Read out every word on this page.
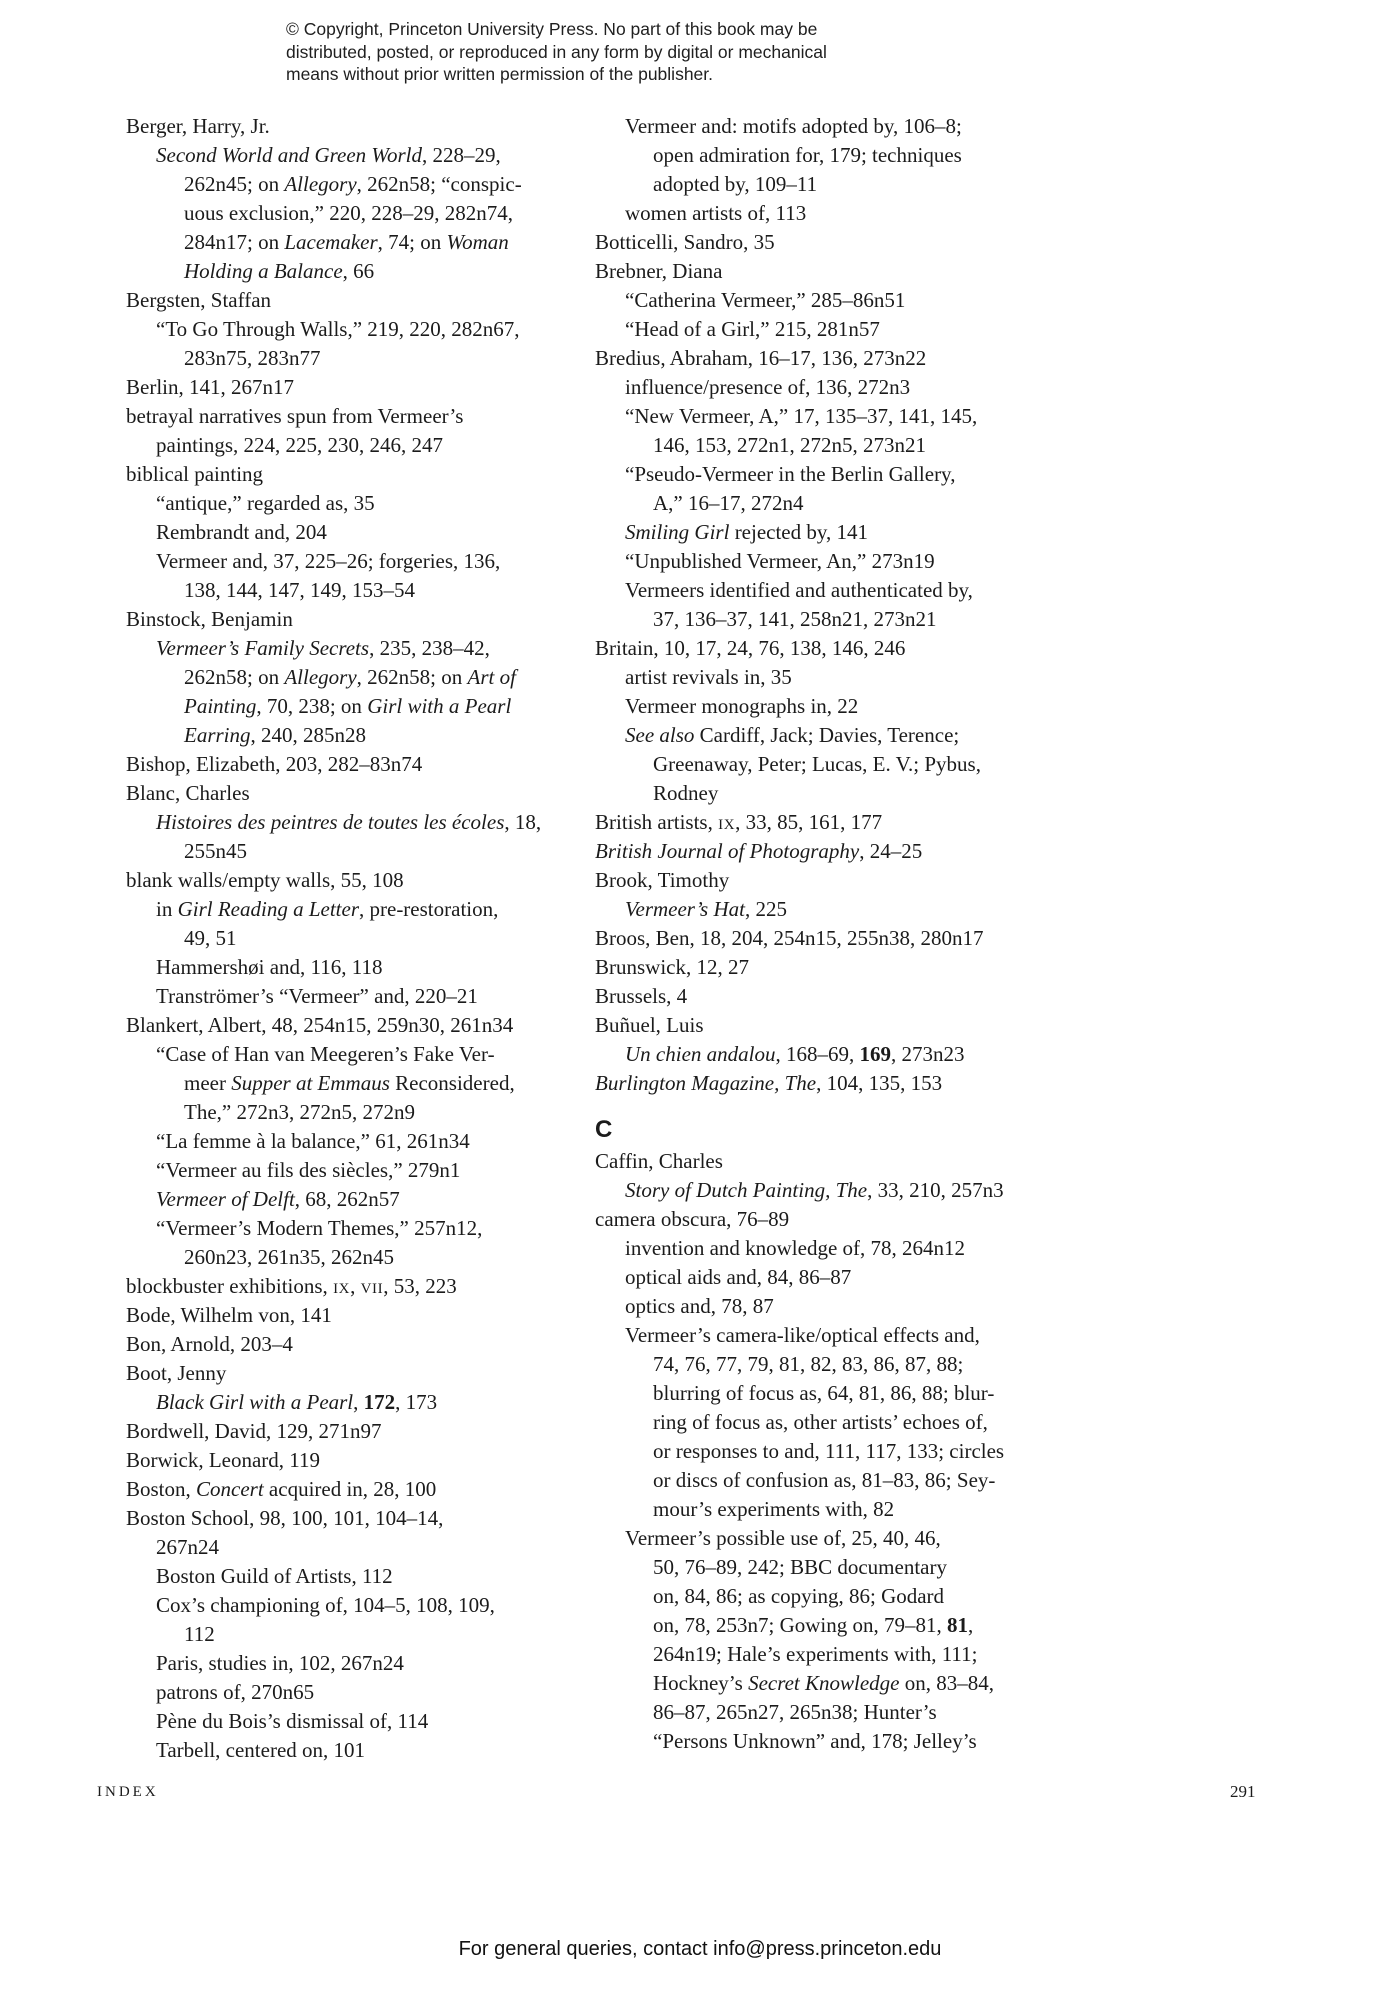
© Copyright, Princeton University Press. No part of this book may be
distributed, posted, or reproduced in any form by digital or mechanical
means without prior written permission of the publisher.
Berger, Harry, Jr.
Second World and Green World, 228–29,
262n45; on Allegory, 262n58; “conspic-
uous exclusion,” 220, 228–29, 282n74,
284n17; on Lacemaker, 74; on Woman
Holding a Balance, 66
Bergsten, Staffan
“To Go Through Walls,” 219, 220, 282n67,
283n75, 283n77
Berlin, 141, 267n17
betrayal narratives spun from Vermeer’s
paintings, 224, 225, 230, 246, 247
biblical painting
“antique,” regarded as, 35
Rembrandt and, 204
Vermeer and, 37, 225–26; forgeries, 136,
138, 144, 147, 149, 153–54
Binstock, Benjamin
Vermeer’s Family Secrets, 235, 238–42,
262n58; on Allegory, 262n58; on Art of
Painting, 70, 238; on Girl with a Pearl
Earring, 240, 285n28
Bishop, Elizabeth, 203, 282–83n74
Blanc, Charles
Histoires des peintres de toutes les écoles, 18,
255n45
blank walls/empty walls, 55, 108
in Girl Reading a Letter, pre-restoration,
49, 51
Hammershøi and, 116, 118
Tranströmer’s “Vermeer” and, 220–21
Blankert, Albert, 48, 254n15, 259n30, 261n34
“Case of Han van Meegeren’s Fake Ver-
meer Supper at Emmaus Reconsidered,
The,” 272n3, 272n5, 272n9
“La femme à la balance,” 61, 261n34
“Vermeer au fils des siècles,” 279n1
Vermeer of Delft, 68, 262n57
“Vermeer’s Modern Themes,” 257n12,
260n23, 261n35, 262n45
blockbuster exhibitions, ix, vii, 53, 223
Bode, Wilhelm von, 141
Bon, Arnold, 203–4
Boot, Jenny
Black Girl with a Pearl, 172, 173
Bordwell, David, 129, 271n97
Borwick, Leonard, 119
Boston, Concert acquired in, 28, 100
Boston School, 98, 100, 101, 104–14,
267n24
Boston Guild of Artists, 112
Cox’s championing of, 104–5, 108, 109,
112
Paris, studies in, 102, 267n24
patrons of, 270n65
Pène du Bois’s dismissal of, 114
Tarbell, centered on, 101
Vermeer and: motifs adopted by, 106–8;
open admiration for, 179; techniques
adopted by, 109–11
women artists of, 113
Botticelli, Sandro, 35
Brebner, Diana
“Catherina Vermeer,” 285–86n51
“Head of a Girl,” 215, 281n57
Bredius, Abraham, 16–17, 136, 273n22
influence/presence of, 136, 272n3
“New Vermeer, A,” 17, 135–37, 141, 145,
146, 153, 272n1, 272n5, 273n21
“Pseudo-Vermeer in the Berlin Gallery,
A,” 16–17, 272n4
Smiling Girl rejected by, 141
“Unpublished Vermeer, An,” 273n19
Vermeers identified and authenticated by,
37, 136–37, 141, 258n21, 273n21
Britain, 10, 17, 24, 76, 138, 146, 246
artist revivals in, 35
Vermeer monographs in, 22
See also Cardiff, Jack; Davies, Terence;
Greenaway, Peter; Lucas, E. V.; Pybus,
Rodney
British artists, ix, 33, 85, 161, 177
British Journal of Photography, 24–25
Brook, Timothy
Vermeer’s Hat, 225
Broos, Ben, 18, 204, 254n15, 255n38, 280n17
Brunswick, 12, 27
Brussels, 4
Buñuel, Luis
Un chien andalou, 168–69, 169, 273n23
Burlington Magazine, The, 104, 135, 153
C
Caffin, Charles
Story of Dutch Painting, The, 33, 210, 257n3
camera obscura, 76–89
invention and knowledge of, 78, 264n12
optical aids and, 84, 86–87
optics and, 78, 87
Vermeer’s camera-like/optical effects and,
74, 76, 77, 79, 81, 82, 83, 86, 87, 88;
blurring of focus as, 64, 81, 86, 88; blur-
ring of focus as, other artists’ echoes of,
or responses to and, 111, 117, 133; circles
or discs of confusion as, 81–83, 86; Sey-
mour’s experiments with, 82
Vermeer’s possible use of, 25, 40, 46,
50, 76–89, 242; BBC documentary
on, 84, 86; as copying, 86; Godard
on, 78, 253n7; Gowing on, 79–81, 81,
264n19; Hale’s experiments with, 111;
Hockney’s Secret Knowledge on, 83–84,
86–87, 265n27, 265n38; Hunter’s
“Persons Unknown” and, 178; Jelley’s
INDEX	291
For general queries, contact info@press.princeton.edu
